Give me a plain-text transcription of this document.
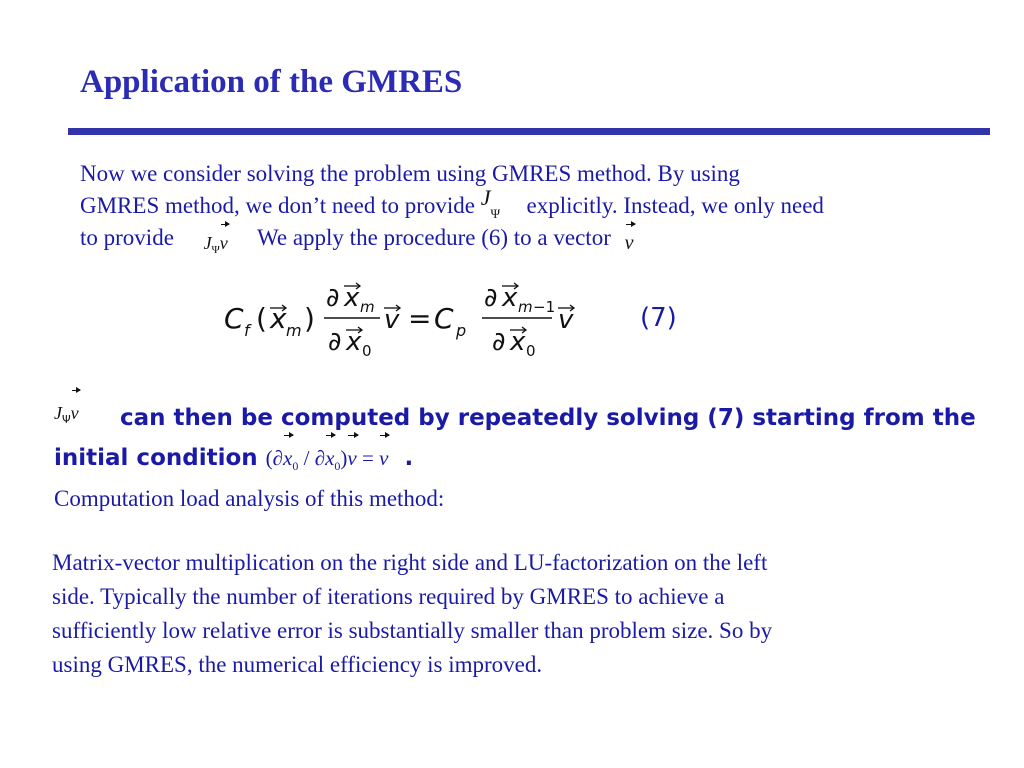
Application of the GMRES
Now we consider solving the problem using GMRES method. By using
GMRES method, we don’t need to provide $J_\Psi$ explicitly. Instead, we only need
to provide $J_\Psi v$ We apply the procedure (6) to a vector v
C f ( x m )
∂ x m
∂ x 0
v = C p
∂ x m −1
∂ x 0
v	(7)
$^J$Ψv can then be computed by repeatedly solving (7) starting from the
initial condition $(\partial x_0 / \partial x_0)v = v$ .
Computation load analysis of this method:
Matrix-vector multiplication on the right side and LU-factorization on the left
side. Typically the number of iterations required by GMRES to achieve a
sufficiently low relative error is substantially smaller than problem size. So by
using GMRES, the numerical efficiency is improved.
